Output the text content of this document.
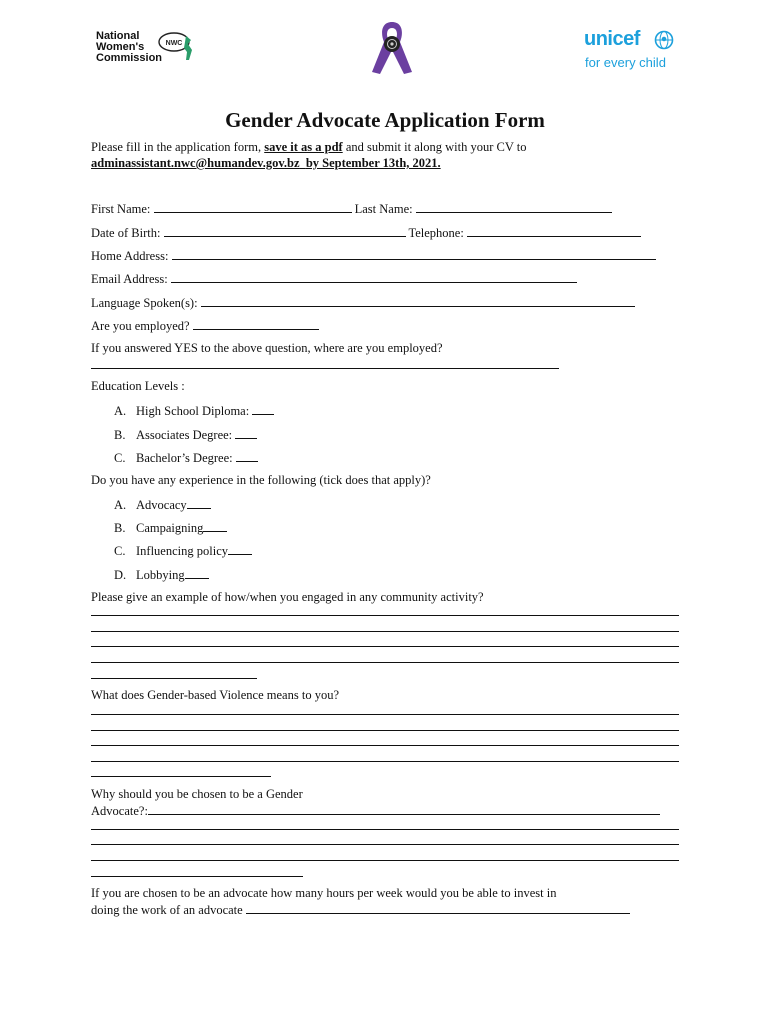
National
Women's
Commission
NWC	unicef
for every child
Gender Advocate Application Form
Please fill in the application form, save it as a pdf and submit it along with your CV to
adminassistant.nwc@humandev.gov.bz by September 13th, 2021.
First Name:	Last Name:
Date of Birth:	Telephone:
Home Address:
Email Address:
Language Spoken(s):
Are you employed?
If you answered YES to the above question, where are you employed?
Education Levels :
A. High School Diploma:
B. Associates Degree:
C. Bachelor’s Degree:
Do you have any experience in the following (tick does that apply)?
A. Advocacy
B. Campaigning
C. Influencing policy
D. Lobbying
Please give an example of how/when you engaged in any community activity?
What does Gender-based Violence means to you?
Why should you be chosen to be a Gender
Advocate?:
If you are chosen to be an advocate how many hours per week would you be able to invest in
doing the work of an advocate
